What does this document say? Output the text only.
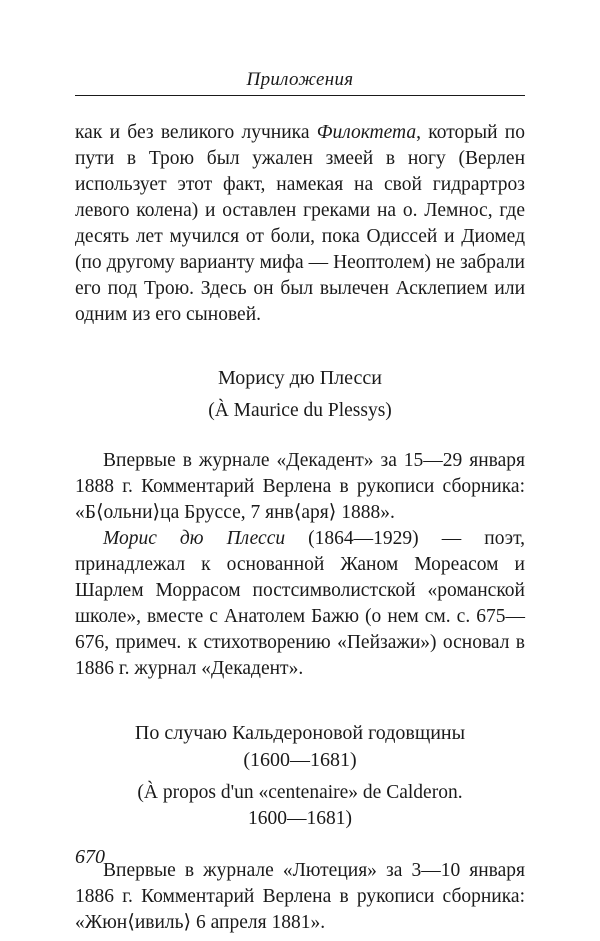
Приложения

как и без великого лучника Филоктета, который по пути в Трою был ужален змеей в ногу (Верлен использует этот факт, намекая на свой гидрартроз левого колена) и оставлен греками на о. Лемнос, где десять лет мучился от боли, пока Одиссей и Диомед (по другому варианту мифа — Неоптолем) не забрали его под Трою. Здесь он был вылечен Асклепием или одним из его сыновей.

Морису дю Плесси

(À Maurice du Plessys)

Впервые в журнале «Декадент» за 15—29 января 1888 г. Комментарий Верлена в рукописи сборника: «Б⟨ольни⟩ца Бруссе, 7 янв⟨аря⟩ 1888».

Морис дю Плесси (1864—1929) — поэт, принадлежал к основанной Жаном Мореасом и Шарлем Моррасом постсимволистской «романской школе», вместе с Анатолем Бажю (о нем см. с. 675—676, примеч. к стихотворению «Пейзажи») основал в 1886 г. журнал «Декадент».

По случаю Кальдероновой годовщины

(1600—1681)

(À propos d'un «centenaire» de Calderon.

1600—1681)

Впервые в журнале «Лютеция» за 3—10 января 1886 г. Комментарий Верлена в рукописи сборника: «Жюн⟨ивиль⟩ 6 апреля 1881».

670
